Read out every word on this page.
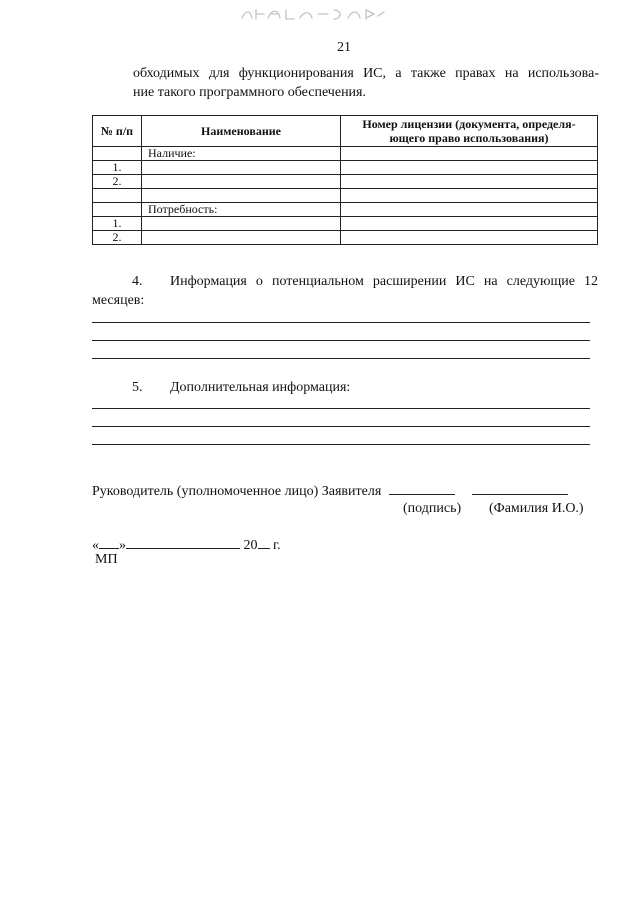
21
обходимых для функционирования ИС, а также правах на использова-
ние такого программного обеспечения.
№ п/п	Наименование	Номер лицензии (документа, определя-ющего право использования)
	Наличие:	
1.		
2.		

	Потребность:	
1.		
2.		
4. Информация о потенциальном расширении ИС на следующие 12
месяцев:
5. Дополнительная информация:
Руководитель (уполномоченное лицо) Заявителя
(подпись) (Фамилия И.О.)
« »	20 г.
МП
